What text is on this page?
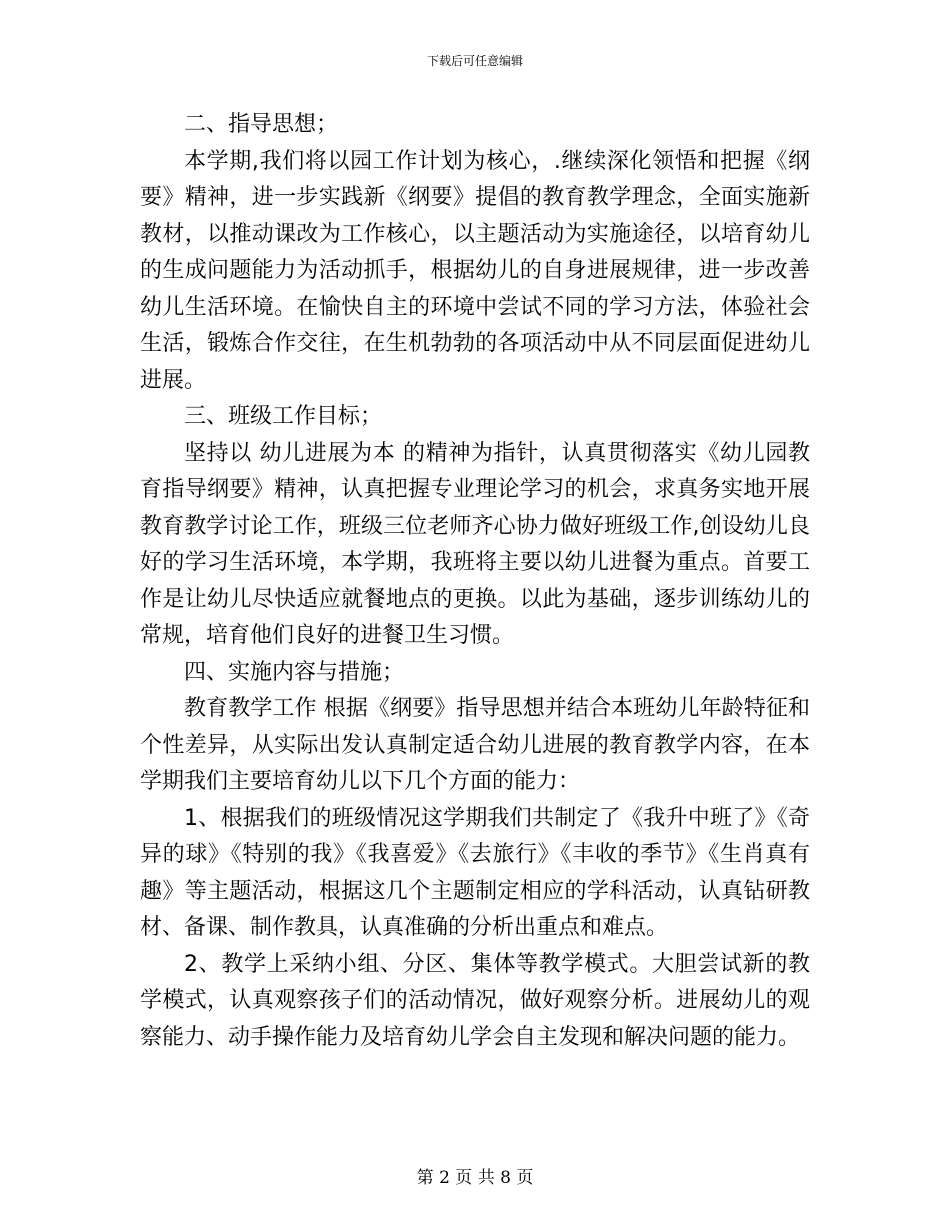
下载后可任意编辑

二、指导思想；

本学期,我们将以园工作计划为核心，.继续深化领悟和把握《纲要》精神，进一步实践新《纲要》提倡的教育教学理念，全面实施新教材，以推动课改为工作核心，以主题活动为实施途径，以培育幼儿的生成问题能力为活动抓手，根据幼儿的自身进展规律，进一步改善幼儿生活环境。在愉快自主的环境中尝试不同的学习方法，体验社会生活，锻炼合作交往，在生机勃勃的各项活动中从不同层面促进幼儿进展。

三、班级工作目标；

坚持以 幼儿进展为本 的精神为指针，认真贯彻落实《幼儿园教育指导纲要》精神，认真把握专业理论学习的机会，求真务实地开展教育教学讨论工作，班级三位老师齐心协力做好班级工作,创设幼儿良好的学习生活环境，本学期，我班将主要以幼儿进餐为重点。首要工作是让幼儿尽快适应就餐地点的更换。以此为基础，逐步训练幼儿的常规，培育他们良好的进餐卫生习惯。

四、实施内容与措施；

教育教学工作 根据《纲要》指导思想并结合本班幼儿年龄特征和个性差异，从实际出发认真制定适合幼儿进展的教育教学内容，在本学期我们主要培育幼儿以下几个方面的能力：

1、根据我们的班级情况这学期我们共制定了《我升中班了》《奇异的球》《特别的我》《我喜爱》《去旅行》《丰收的季节》《生肖真有趣》等主题活动，根据这几个主题制定相应的学科活动，认真钻研教材、备课、制作教具，认真准确的分析出重点和难点。

2、教学上采纳小组、分区、集体等教学模式。大胆尝试新的教学模式，认真观察孩子们的活动情况，做好观察分析。进展幼儿的观察能力、动手操作能力及培育幼儿学会自主发现和解决问题的能力。

第 2 页 共 8 页
